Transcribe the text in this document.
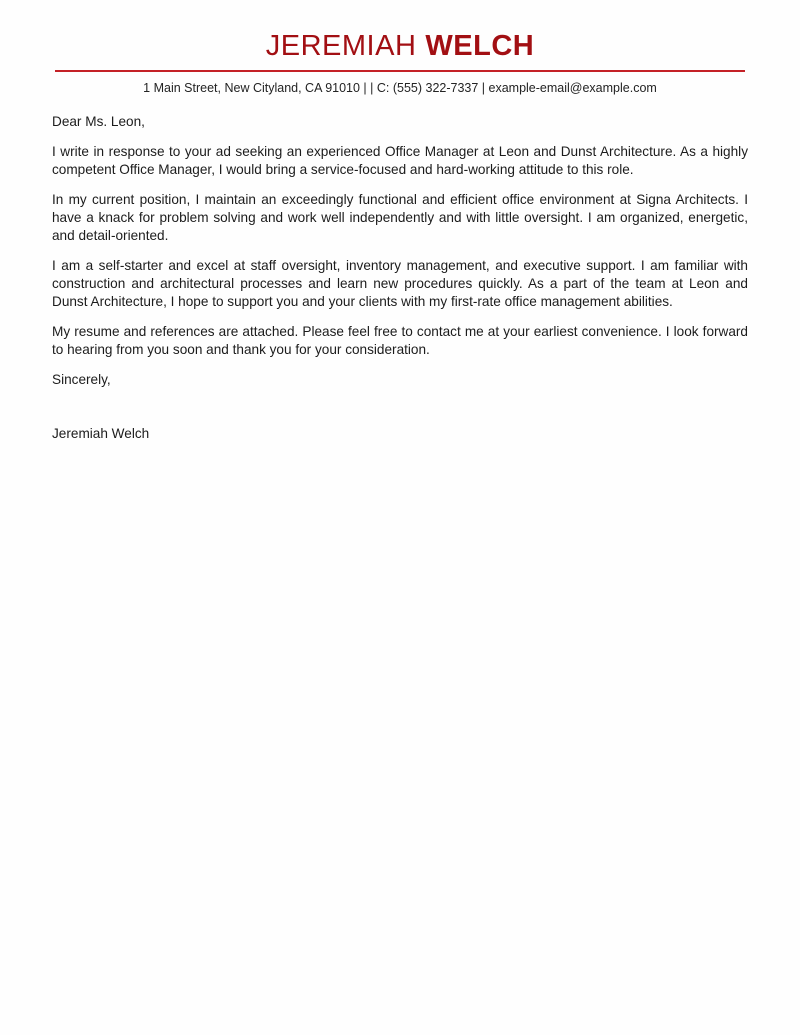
JEREMIAH WELCH
1 Main Street, New Cityland, CA 91010 | | C: (555) 322-7337 | example-email@example.com

Dear Ms. Leon,

I write in response to your ad seeking an experienced Office Manager at Leon and Dunst Architecture. As a highly competent Office Manager, I would bring a service-focused and hard-working attitude to this role.

In my current position, I maintain an exceedingly functional and efficient office environment at Signa Architects. I have a knack for problem solving and work well independently and with little oversight. I am organized, energetic, and detail-oriented.

I am a self-starter and excel at staff oversight, inventory management, and executive support. I am familiar with construction and architectural processes and learn new procedures quickly. As a part of the team at Leon and Dunst Architecture, I hope to support you and your clients with my first-rate office management abilities.

My resume and references are attached. Please feel free to contact me at your earliest convenience. I look forward to hearing from you soon and thank you for your consideration.

Sincerely,

Jeremiah Welch
